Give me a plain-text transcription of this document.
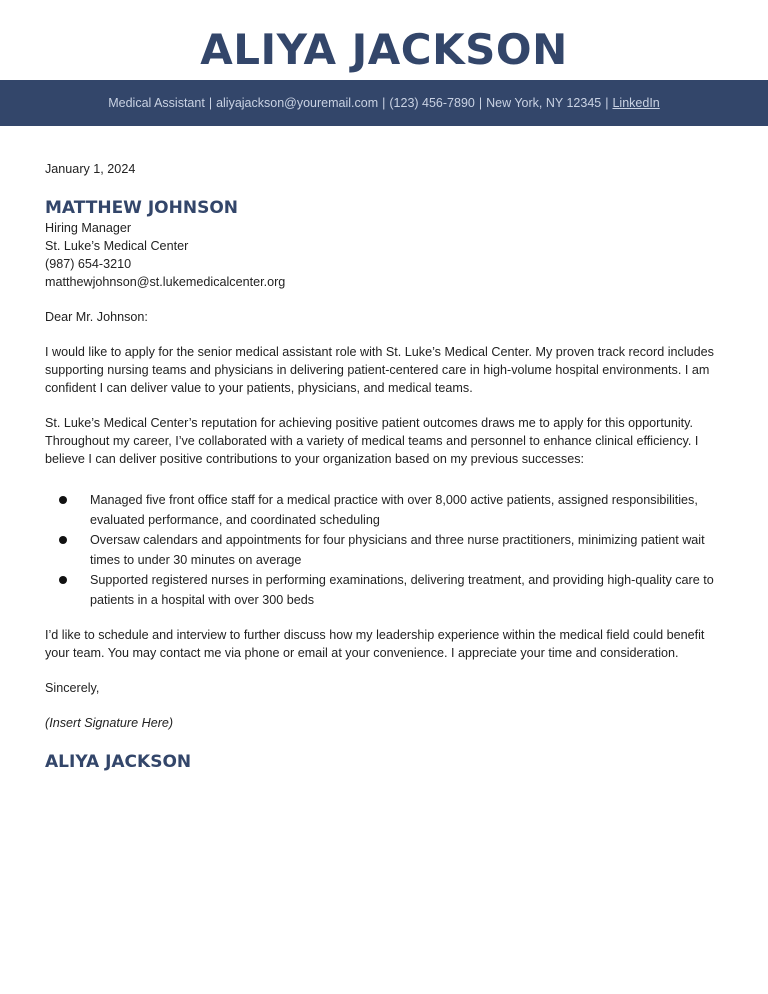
ALIYA JACKSON
Medical Assistant | aliyajackson@youremail.com | (123) 456-7890 | New York, NY 12345 | LinkedIn
January 1, 2024
MATTHEW JOHNSON
Hiring Manager
St. Luke’s Medical Center
(987) 654-3210
matthewjohnson@st.lukemedicalcenter.org
Dear Mr. Johnson:

I would like to apply for the senior medical assistant role with St. Luke’s Medical Center. My proven track record includes supporting nursing teams and physicians in delivering patient-centered care in high-volume hospital environments. I am confident I can deliver value to your patients, physicians, and medical teams.

St. Luke’s Medical Center’s reputation for achieving positive patient outcomes draws me to apply for this opportunity. Throughout my career, I’ve collaborated with a variety of medical teams and personnel to enhance clinical efficiency. I believe I can deliver positive contributions to your organization based on my previous successes:

Managed five front office staff for a medical practice with over 8,000 active patients, assigned responsibilities, evaluated performance, and coordinated scheduling
Oversaw calendars and appointments for four physicians and three nurse practitioners, minimizing patient wait times to under 30 minutes on average
Supported registered nurses in performing examinations, delivering treatment, and providing high-quality care to patients in a hospital with over 300 beds

I’d like to schedule and interview to further discuss how my leadership experience within the medical field could benefit your team. You may contact me via phone or email at your convenience. I appreciate your time and consideration.

Sincerely,
(Insert Signature Here)
ALIYA JACKSON
